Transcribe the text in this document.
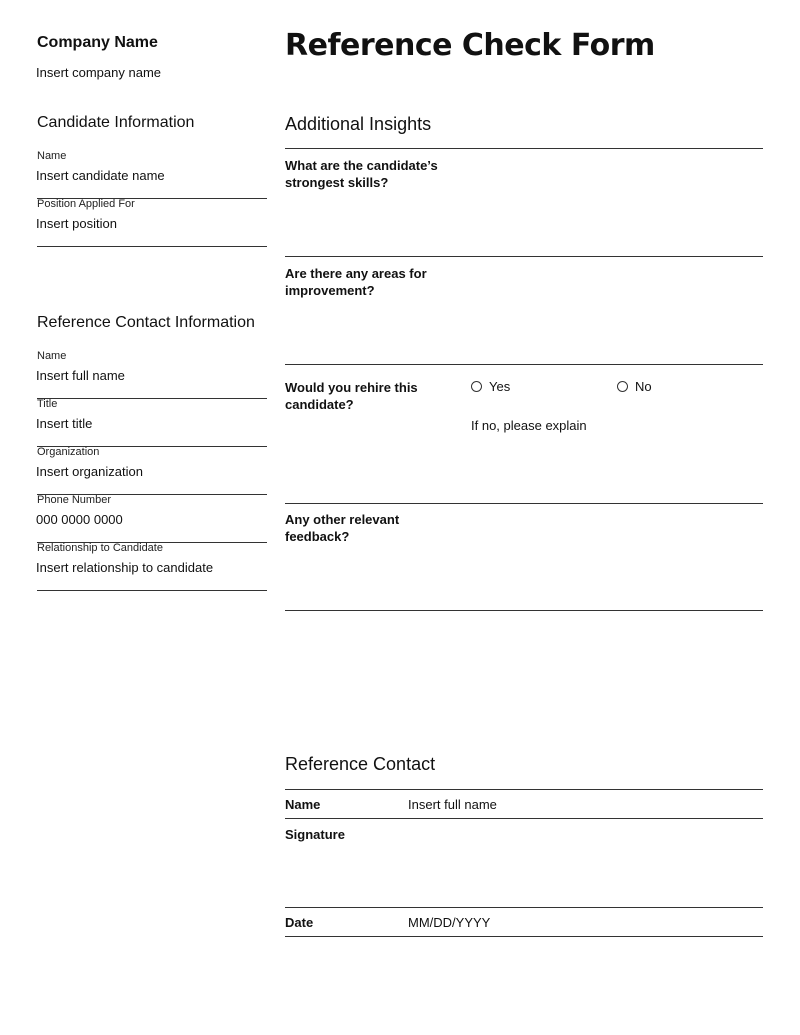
Company Name
Insert company name
Candidate Information
Name
Insert candidate name
Position Applied For
Insert position
Reference Contact Information
Name
Insert full name
Title
Insert title
Organization
Insert organization
Phone Number
000 0000 0000
Relationship to Candidate
Insert relationship to candidate
Reference Check Form
Additional Insights
What are the candidate’s strongest skills?
Are there any areas for improvement?
Would you rehire this candidate?
Yes	No
If no, please explain
Any other relevant feedback?
Reference Contact
Name	Insert full name
Signature
Date	MM/DD/YYYY
